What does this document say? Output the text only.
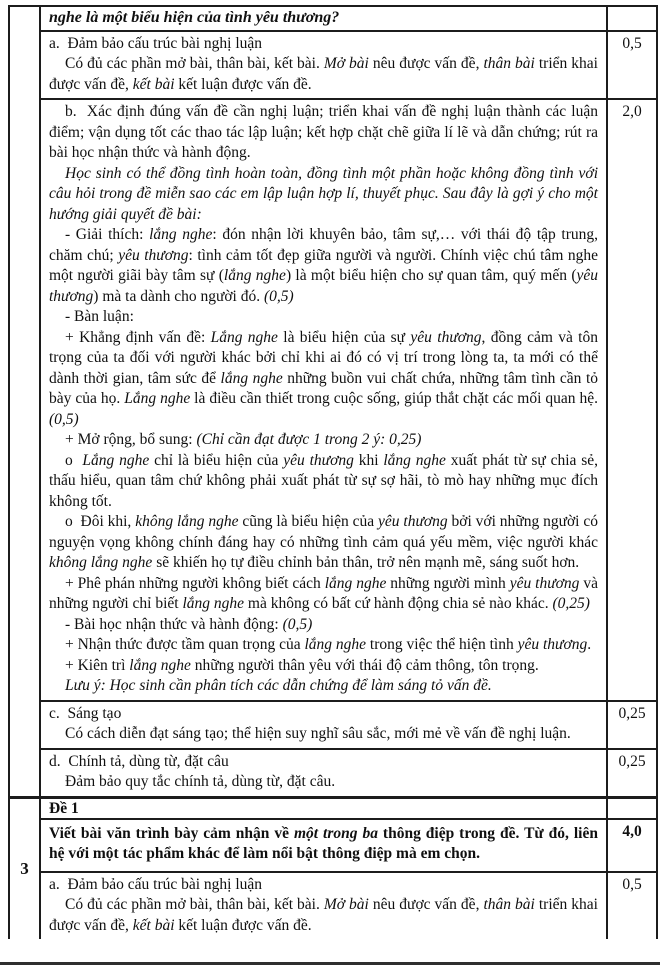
nghe là một biểu hiện của tình yêu thương?
a.  Đảm bảo cấu trúc bài nghị luận
Có đủ các phần mở bài, thân bài, kết bài. Mở bài nêu được vấn đề, thân bài triển khai được vấn đề, kết bài kết luận được vấn đề.
0,5
b.  Xác định đúng vấn đề cần nghị luận; triển khai vấn đề nghị luận thành các luận điểm; vận dụng tốt các thao tác lập luận; kết hợp chặt chẽ giữa lí lẽ và dẫn chứng; rút ra bài học nhận thức và hành động.
Học sinh có thể đồng tình hoàn toàn, đồng tình một phần hoặc không đồng tình với câu hỏi trong đề miễn sao các em lập luận hợp lí, thuyết phục. Sau đây là gợi ý cho một hướng giải quyết đề bài:
- Giải thích: lắng nghe: đón nhận lời khuyên bảo, tâm sự,… với thái độ tập trung, chăm chú; yêu thương: tình cảm tốt đẹp giữa người và người. Chính việc chú tâm nghe một người giãi bày tâm sự (lắng nghe) là một biểu hiện cho sự quan tâm, quý mến (yêu thương) mà ta dành cho người đó. (0,5)
- Bàn luận:
+ Khẳng định vấn đề: Lắng nghe là biểu hiện của sự yêu thương, đồng cảm và tôn trọng của ta đối với người khác bởi chỉ khi ai đó có vị trí trong lòng ta, ta mới có thể dành thời gian, tâm sức để lắng nghe những buồn vui chất chứa, những tâm tình cần tỏ bày của họ. Lắng nghe là điều cần thiết trong cuộc sống, giúp thắt chặt các mối quan hệ. (0,5)
+ Mở rộng, bổ sung: (Chỉ cần đạt được 1 trong 2 ý: 0,25)
o  Lắng nghe chỉ là biểu hiện của yêu thương khi lắng nghe xuất phát từ sự chia sẻ, thấu hiểu, quan tâm chứ không phải xuất phát từ sự sợ hãi, tò mò hay những mục đích không tốt.
o  Đôi khi, không lắng nghe cũng là biểu hiện của yêu thương bởi với những người có nguyện vọng không chính đáng hay có những tình cảm quá yếu mềm, việc người khác không lắng nghe sẽ khiến họ tự điều chỉnh bản thân, trở nên mạnh mẽ, sáng suốt hơn.
+ Phê phán những người không biết cách lắng nghe những người mình yêu thương và những người chỉ biết lắng nghe mà không có bất cứ hành động chia sẻ nào khác. (0,25)
- Bài học nhận thức và hành động: (0,5)
+ Nhận thức được tầm quan trọng của lắng nghe trong việc thể hiện tình yêu thương.
+ Kiên trì lắng nghe những người thân yêu với thái độ cảm thông, tôn trọng.
Lưu ý: Học sinh cần phân tích các dẫn chứng để làm sáng tỏ vấn đề.
2,0
c.  Sáng tạo
Có cách diễn đạt sáng tạo; thể hiện suy nghĩ sâu sắc, mới mẻ về vấn đề nghị luận.
0,25
d.  Chính tả, dùng từ, đặt câu
Đảm bảo quy tắc chính tả, dùng từ, đặt câu.
0,25
3
Đề 1
Viết bài văn trình bày cảm nhận về một trong ba thông điệp trong đề. Từ đó, liên hệ với một tác phẩm khác để làm nổi bật thông điệp mà em chọn.
4,0
a.  Đảm bảo cấu trúc bài nghị luận
Có đủ các phần mở bài, thân bài, kết bài. Mở bài nêu được vấn đề, thân bài triển khai được vấn đề, kết bài kết luận được vấn đề.
0,5
